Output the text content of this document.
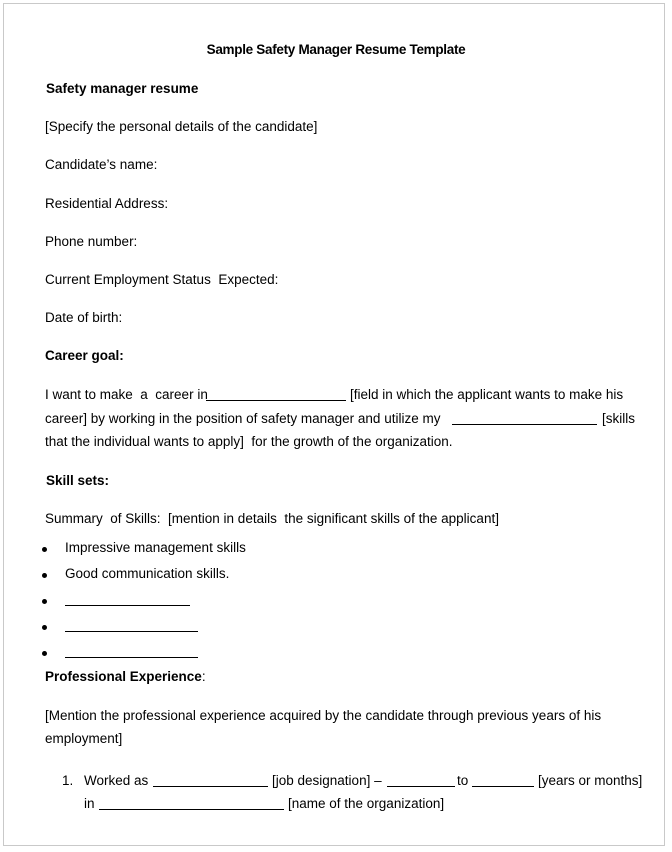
Sample Safety Manager Resume Template
Safety manager resume
[Specify the personal details of the candidate]
Candidate’s name:
Residential Address:
Phone number:
Current Employment Status  Expected:
Date of birth:
Career goal:
I want to make  a  career in	[field in which the applicant wants to make his
career] by working in the position of safety manager and utilize my	[skills
that the individual wants to apply]  for the growth of the organization.
Skill sets:
Summary  of Skills:  [mention in details  the significant skills of the applicant]
Impressive management skills
Good communication skills.
Professional Experience:
[Mention the professional experience acquired by the candidate through previous years of his
employment]
1. Worked as	[job designation] –	to	[years or months]
in	[name of the organization]
